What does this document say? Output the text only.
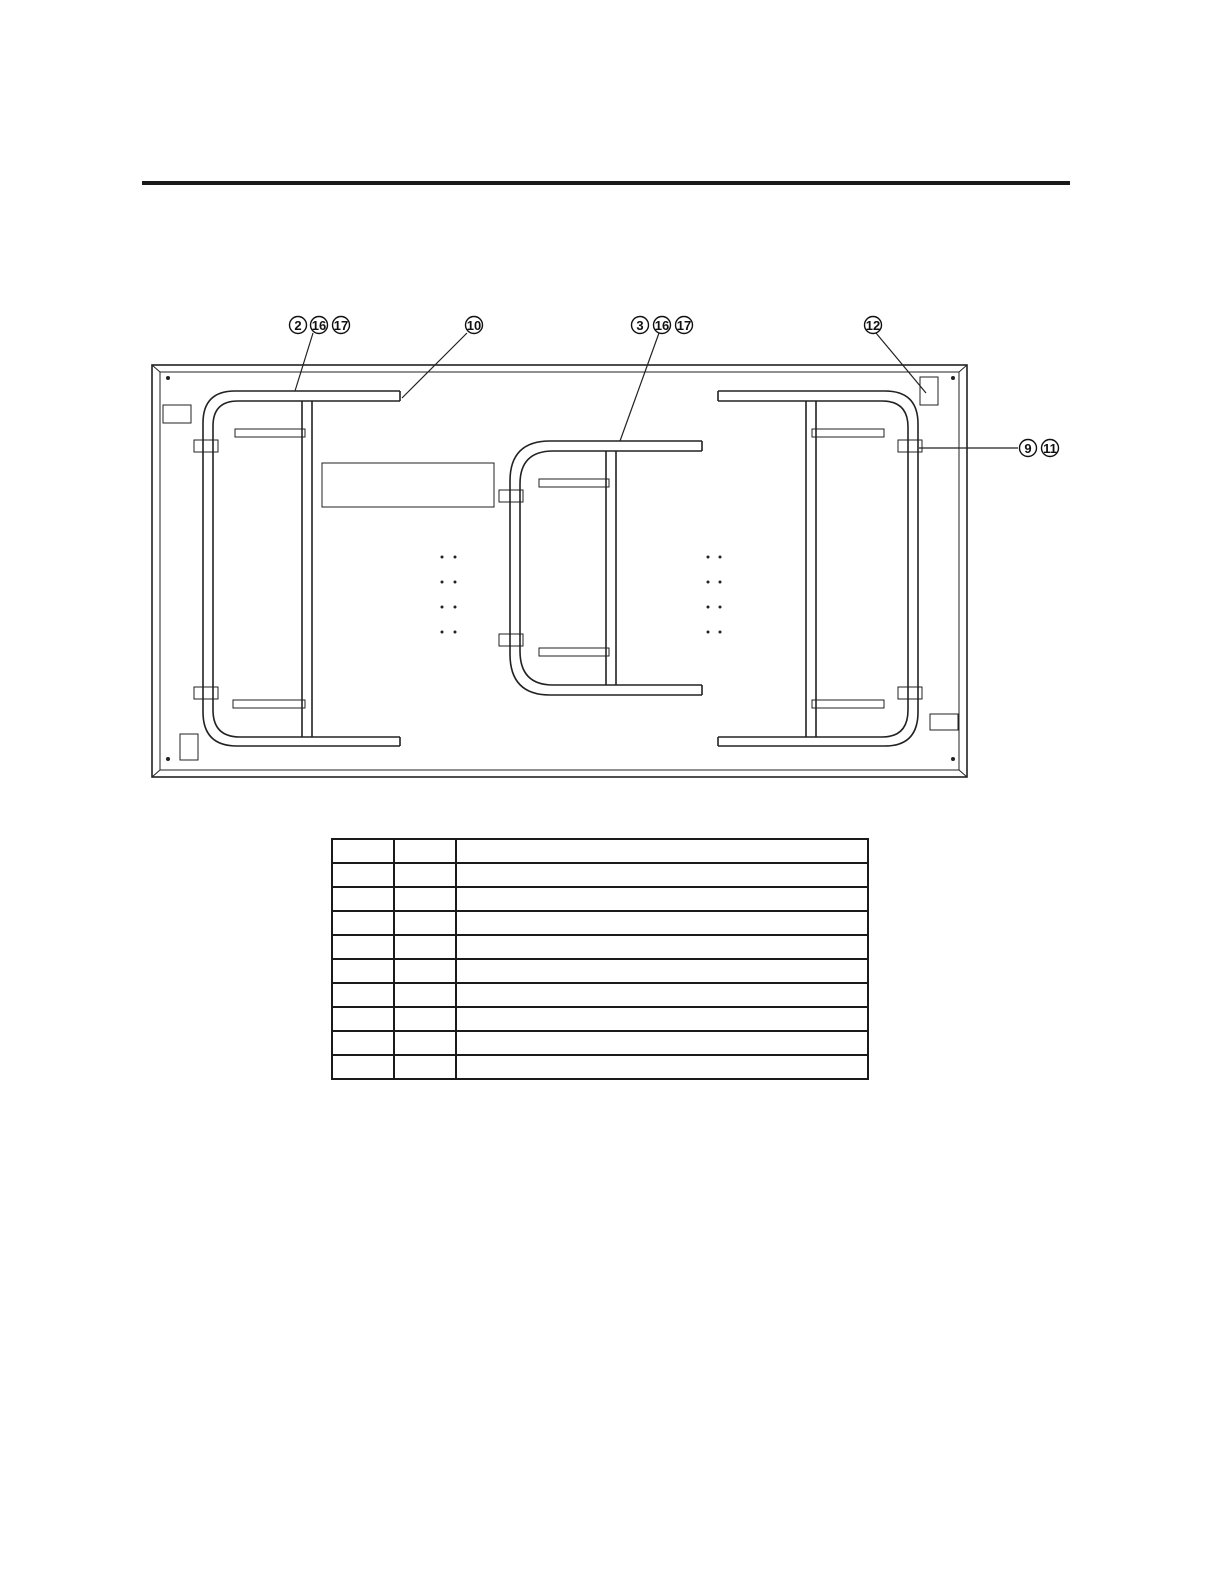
2 16 17	10	3 16 17	12
9 11
